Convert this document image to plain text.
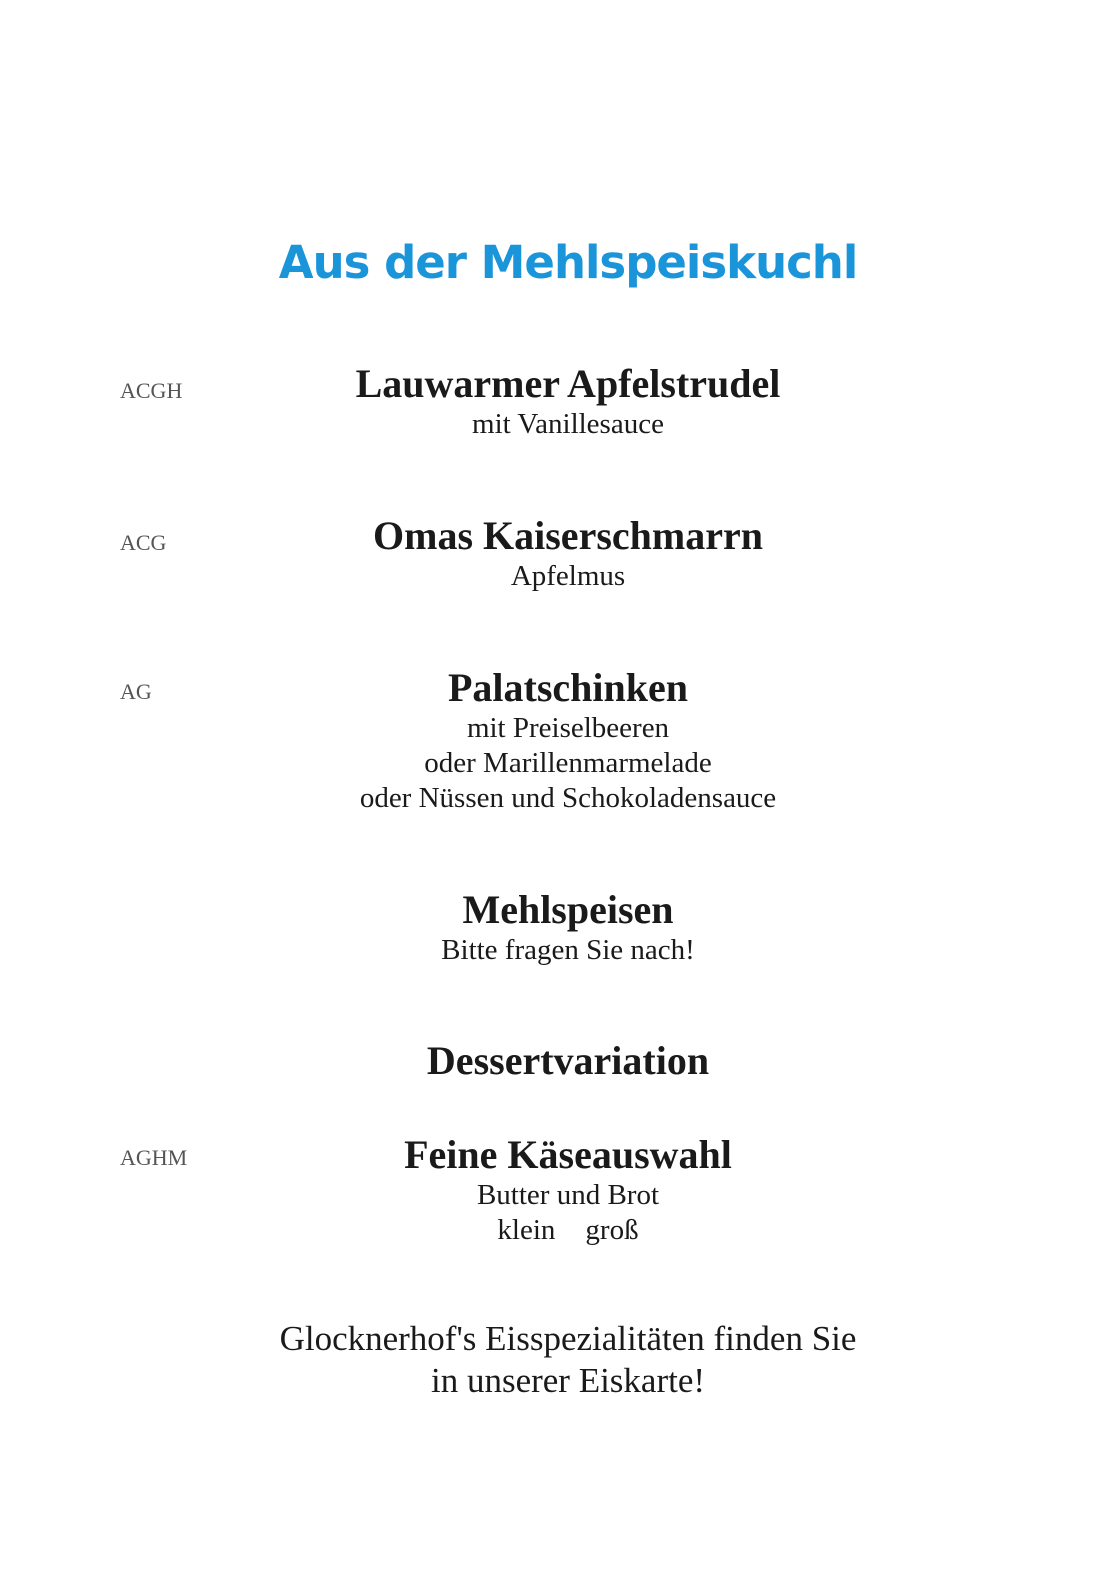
Aus der Mehlspeiskuchl
ACGH	Lauwarmer Apfelstrudel
mit Vanillesauce
ACG	Omas Kaiserschmarrn
Apfelmus
AG	Palatschinken
mit Preiselbeeren
oder Marillenmarmelade
oder Nüssen und Schokoladensauce
Mehlspeisen
Bitte fragen Sie nach!
Dessertvariation
AGHM	Feine Käseauswahl
Butter und Brot
klein groß
Glocknerhof's Eisspezialitäten finden Sie
in unserer Eiskarte!
